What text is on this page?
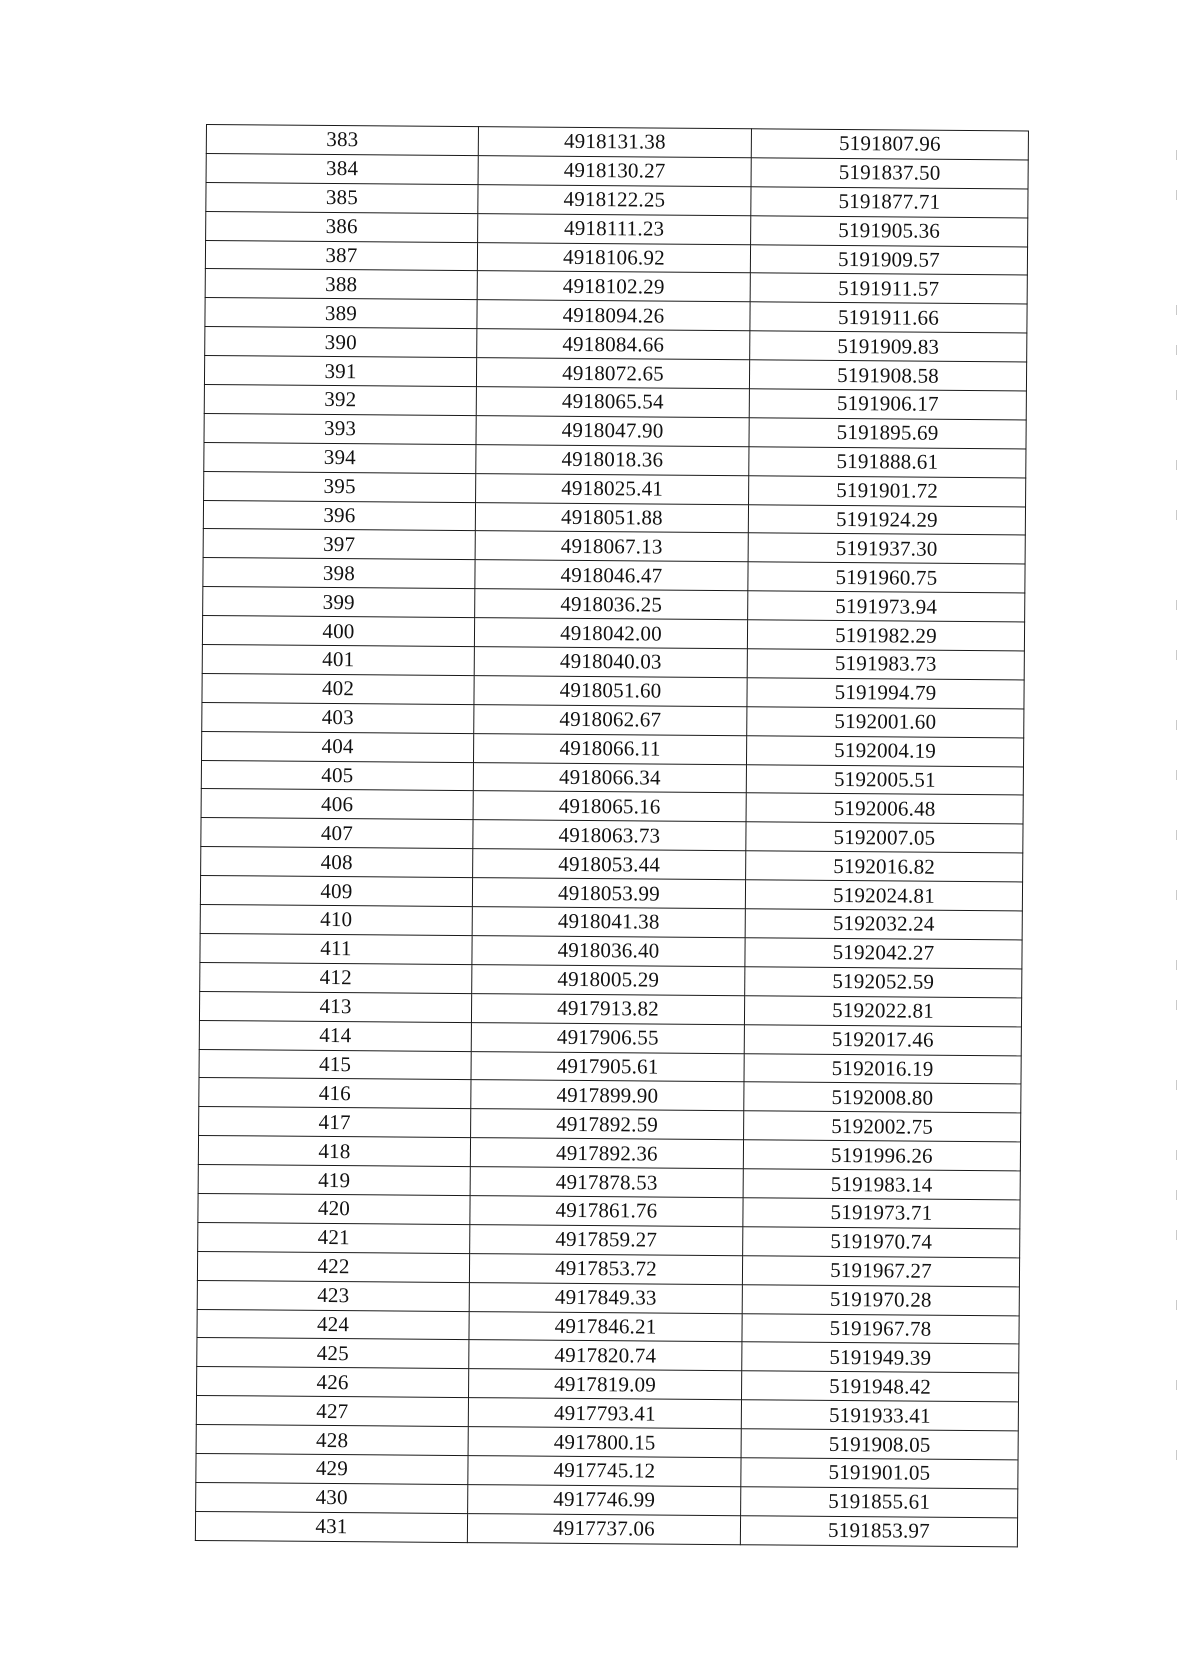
383	4918131.38	5191807.96
384	4918130.27	5191837.50
385	4918122.25	5191877.71
386	4918111.23	5191905.36
387	4918106.92	5191909.57
388	4918102.29	5191911.57
389	4918094.26	5191911.66
390	4918084.66	5191909.83
391	4918072.65	5191908.58
392	4918065.54	5191906.17
393	4918047.90	5191895.69
394	4918018.36	5191888.61
395	4918025.41	5191901.72
396	4918051.88	5191924.29
397	4918067.13	5191937.30
398	4918046.47	5191960.75
399	4918036.25	5191973.94
400	4918042.00	5191982.29
401	4918040.03	5191983.73
402	4918051.60	5191994.79
403	4918062.67	5192001.60
404	4918066.11	5192004.19
405	4918066.34	5192005.51
406	4918065.16	5192006.48
407	4918063.73	5192007.05
408	4918053.44	5192016.82
409	4918053.99	5192024.81
410	4918041.38	5192032.24
411	4918036.40	5192042.27
412	4918005.29	5192052.59
413	4917913.82	5192022.81
414	4917906.55	5192017.46
415	4917905.61	5192016.19
416	4917899.90	5192008.80
417	4917892.59	5192002.75
418	4917892.36	5191996.26
419	4917878.53	5191983.14
420	4917861.76	5191973.71
421	4917859.27	5191970.74
422	4917853.72	5191967.27
423	4917849.33	5191970.28
424	4917846.21	5191967.78
425	4917820.74	5191949.39
426	4917819.09	5191948.42
427	4917793.41	5191933.41
428	4917800.15	5191908.05
429	4917745.12	5191901.05
430	4917746.99	5191855.61
431	4917737.06	5191853.97
